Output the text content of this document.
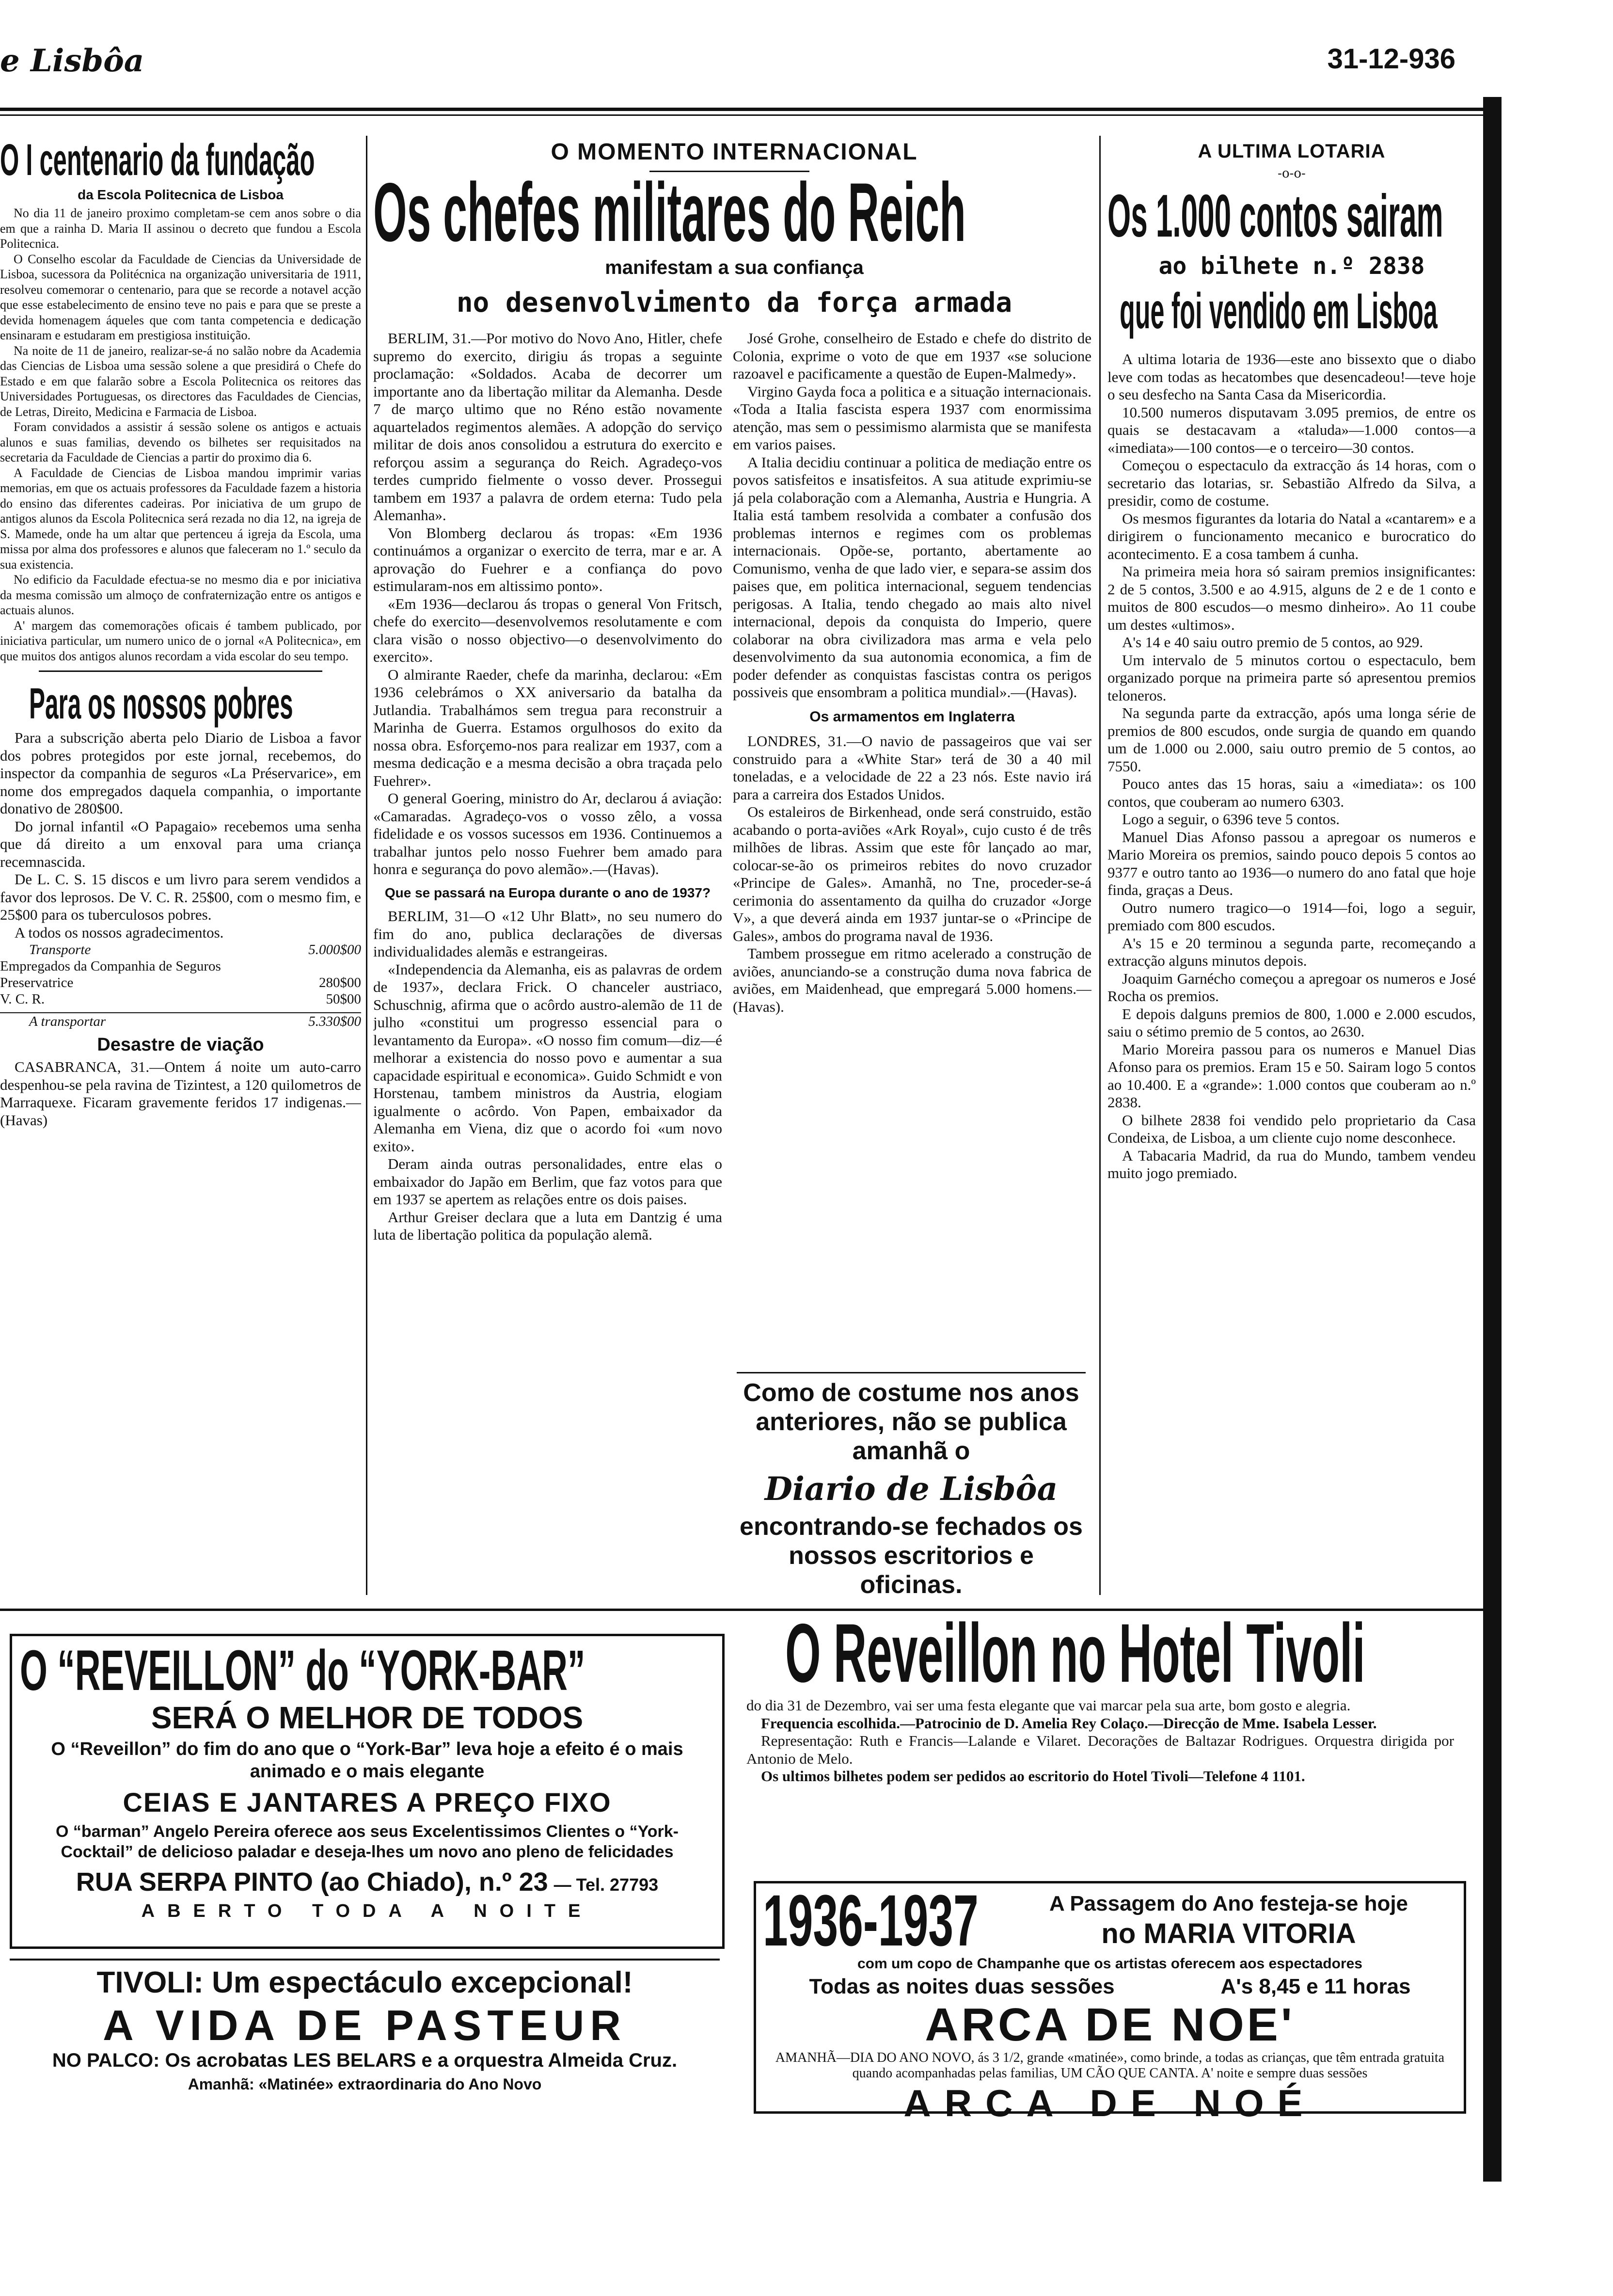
e Lisbôa	31-12-936
O I centenario da fundação
da Escola Politecnica de Lisboa

No dia 11 de janeiro proximo completam-se cem anos sobre o dia em que a rainha D. Maria II assinou o decreto que fundou a Escola Politecnica.

O Conselho escolar da Faculdade de Ciencias da Universidade de Lisboa, sucessora da Politécnica na organização universitaria de 1911, resolveu comemorar o centenario, para que se recorde a notavel acção que esse estabelecimento de ensino teve no pais e para que se preste a devida homenagem áqueles que com tanta competencia e dedicação ensinaram e estudaram em prestigiosa instituição.

Na noite de 11 de janeiro, realizar-se-á no salão nobre da Academia das Ciencias de Lisboa uma sessão solene a que presidirá o Chefe do Estado e em que falarão sobre a Escola Politecnica os reitores das Universidades Portuguesas, os directores das Faculdades de Ciencias, de Letras, Direito, Medicina e Farmacia de Lisboa.

Foram convidados a assistir á sessão solene os antigos e actuais alunos e suas familias, devendo os bilhetes ser requisitados na secretaria da Faculdade de Ciencias a partir do proximo dia 6.

A Faculdade de Ciencias de Lisboa mandou imprimir varias memorias, em que os actuais professores da Faculdade fazem a historia do ensino das diferentes cadeiras. Por iniciativa de um grupo de antigos alunos da Escola Politecnica será rezada no dia 12, na igreja de S. Mamede, onde ha um altar que pertenceu á igreja da Escola, uma missa por alma dos professores e alunos que faleceram no 1.º seculo da sua existencia.

No edificio da Faculdade efectua-se no mesmo dia e por iniciativa da mesma comissão um almoço de confraternização entre os antigos e actuais alunos.

A' margem das comemorações oficais é tambem publicado, por iniciativa particular, um numero unico de o jornal «A Politecnica», em que muitos dos antigos alunos recordam a vida escolar do seu tempo.

Para os nossos pobres

Para a subscrição aberta pelo Diario de Lisboa a favor dos pobres protegidos por este jornal, recebemos, do inspector da companhia de seguros «La Préservarice», em nome dos empregados daquela companhia, o importante donativo de 280$00.

Do jornal infantil «O Papagaio» recebemos uma senha que dá direito a um enxoval para uma criança recemnascida.

De L. C. S. 15 discos e um livro para serem vendidos a favor dos leprosos. De V. C. R. 25$00, com o mesmo fim, e 25$00 para os tuberculosos pobres.

A todos os nossos agradecimentos.

Transporte	5.000$00
Empregados da Companhia de Seguros Preservatrice	280$00
V. C. R.	50$00
A transportar	5.330$00
Desastre de viação

CASABRANCA, 31.—Ontem á noite um auto-carro despenhou-se pela ravina de Tizintest, a 120 quilometros de Marraquexe. Ficaram gravemente feridos 17 indigenas.—(Havas)

O MOMENTO INTERNACIONAL
Os chefes militares do Reich
manifestam a sua confiança
no desenvolvimento da força armada

BERLIM, 31.—Por motivo do Novo Ano, Hitler, chefe supremo do exercito, dirigiu ás tropas a seguinte proclamação: «Soldados. Acaba de decorrer um importante ano da libertação militar da Alemanha. Desde 7 de março ultimo que no Réno estão novamente aquartelados regimentos alemães. A adopção do serviço militar de dois anos consolidou a estrutura do exercito e reforçou assim a segurança do Reich. Agradeço-vos terdes cumprido fielmente o vosso dever. Prossegui tambem em 1937 a palavra de ordem eterna: Tudo pela Alemanha».

Von Blomberg declarou ás tropas: «Em 1936 continuámos a organizar o exercito de terra, mar e ar. A aprovação do Fuehrer e a confiança do povo estimularam-nos em altissimo ponto».

«Em 1936—declarou ás tropas o general Von Fritsch, chefe do exercito—desenvolvemos resolutamente e com clara visão o nosso objectivo—o desenvolvimento do exercito».

O almirante Raeder, chefe da marinha, declarou: «Em 1936 celebrámos o XX aniversario da batalha da Jutlandia. Trabalhámos sem tregua para reconstruir a Marinha de Guerra. Estamos orgulhosos do exito da nossa obra. Esforçemo-nos para realizar em 1937, com a mesma dedicação e a mesma decisão a obra traçada pelo Fuehrer».

O general Goering, ministro do Ar, declarou á aviação: «Camaradas. Agradeço-vos o vosso zêlo, a vossa fidelidade e os vossos sucessos em 1936. Continuemos a trabalhar juntos pelo nosso Fuehrer bem amado para honra e segurança do povo alemão».—(Havas).

Que se passará na Europa durante o ano de 1937?

BERLIM, 31—O «12 Uhr Blatt», no seu numero do fim do ano, publica declarações de diversas individualidades alemãs e estrangeiras.

«Independencia da Alemanha, eis as palavras de ordem de 1937», declara Frick. O chanceler austriaco, Schuschnig, afirma que o acôrdo austro-alemão de 11 de julho «constitui um progresso essencial para o levantamento da Europa». «O nosso fim comum—diz—é melhorar a existencia do nosso povo e aumentar a sua capacidade espiritual e economica». Guido Schmidt e von Horstenau, tambem ministros da Austria, elogiam igualmente o acôrdo. Von Papen, embaixador da Alemanha em Viena, diz que o acordo foi «um novo exito».

Deram ainda outras personalidades, entre elas o embaixador do Japão em Berlim, que faz votos para que em 1937 se apertem as relações entre os dois paises.

Arthur Greiser declara que a luta em Dantzig é uma luta de libertação politica da população alemã.

José Grohe, conselheiro de Estado e chefe do distrito de Colonia, exprime o voto de que em 1937 «se solucione razoavel e pacificamente a questão de Eupen-Malmedy».

Virgino Gayda foca a politica e a situação internacionais. «Toda a Italia fascista espera 1937 com enormissima atenção, mas sem o pessimismo alarmista que se manifesta em varios paises.

A Italia decidiu continuar a politica de mediação entre os povos satisfeitos e insatisfeitos. A sua atitude exprimiu-se já pela colaboração com a Alemanha, Austria e Hungria. A Italia está tambem resolvida a combater a confusão dos problemas internos e regimes com os problemas internacionais. Opõe-se, portanto, abertamente ao Comunismo, venha de que lado vier, e separa-se assim dos paises que, em politica internacional, seguem tendencias perigosas. A Italia, tendo chegado ao mais alto nivel internacional, depois da conquista do Imperio, quere colaborar na obra civilizadora mas arma e vela pelo desenvolvimento da sua autonomia economica, a fim de poder defender as conquistas fascistas contra os perigos possiveis que ensombram a politica mundial».—(Havas).

Os armamentos em Inglaterra

LONDRES, 31.—O navio de passageiros que vai ser construido para a «White Star» terá de 30 a 40 mil toneladas, e a velocidade de 22 a 23 nós. Este navio irá para a carreira dos Estados Unidos.

Os estaleiros de Birkenhead, onde será construido, estão acabando o porta-aviões «Ark Royal», cujo custo é de três milhões de libras. Assim que este fôr lançado ao mar, colocar-se-ão os primeiros rebites do novo cruzador «Principe de Gales». Amanhã, no Tne, proceder-se-á cerimonia do assentamento da quilha do cruzador «Jorge V», a que deverá ainda em 1937 juntar-se o «Principe de Gales», ambos do programa naval de 1936.

Tambem prossegue em ritmo acelerado a construção de aviões, anunciando-se a construção duma nova fabrica de aviões, em Maidenhead, que empregará 5.000 homens.—(Havas).

Como de costume nos anos anteriores, não se publica amanhã o
Diario de Lisbôa
encontrando-se fechados os nossos escritorios e oficinas.
A ULTIMA LOTARIA
-o-o-
Os 1.000 contos sairam
ao bilhete n.º 2838
que foi vendido em Lisboa

A ultima lotaria de 1936—este ano bissexto que o diabo leve com todas as hecatombes que desencadeou!—teve hoje o seu desfecho na Santa Casa da Misericordia.

10.500 numeros disputavam 3.095 premios, de entre os quais se destacavam a «taluda»—1.000 contos—a «imediata»—100 contos—e o terceiro—30 contos.

Começou o espectaculo da extracção ás 14 horas, com o secretario das lotarias, sr. Sebastião Alfredo da Silva, a presidir, como de costume.

Os mesmos figurantes da lotaria do Natal a «cantarem» e a dirigirem o funcionamento mecanico e burocratico do acontecimento. E a cosa tambem á cunha.

Na primeira meia hora só sairam premios insignificantes: 2 de 5 contos, 3.500 e ao 4.915, alguns de 2 e de 1 conto e muitos de 800 escudos—o mesmo dinheiro». Ao 11 coube um destes «ultimos».

A's 14 e 40 saiu outro premio de 5 contos, ao 929.

Um intervalo de 5 minutos cortou o espectaculo, bem organizado porque na primeira parte só apresentou premios teloneros.

Na segunda parte da extracção, após uma longa série de premios de 800 escudos, onde surgia de quando em quando um de 1.000 ou 2.000, saiu outro premio de 5 contos, ao 7550.

Pouco antes das 15 horas, saiu a «imediata»: os 100 contos, que couberam ao numero 6303.

Logo a seguir, o 6396 teve 5 contos.

Manuel Dias Afonso passou a apregoar os numeros e Mario Moreira os premios, saindo pouco depois 5 contos ao 9377 e outro tanto ao 1936—o numero do ano fatal que hoje finda, graças a Deus.

Outro numero tragico—o 1914—foi, logo a seguir, premiado com 800 escudos.

A's 15 e 20 terminou a segunda parte, recomeçando a extracção alguns minutos depois.

Joaquim Garnécho começou a apregoar os numeros e José Rocha os premios.

E depois dalguns premios de 800, 1.000 e 2.000 escudos, saiu o sétimo premio de 5 contos, ao 2630.

Mario Moreira passou para os numeros e Manuel Dias Afonso para os premios. Eram 15 e 50. Sairam logo 5 contos ao 10.400. E a «grande»: 1.000 contos que couberam ao n.º 2838.

O bilhete 2838 foi vendido pelo proprietario da Casa Condeixa, de Lisboa, a um cliente cujo nome desconhece.

A Tabacaria Madrid, da rua do Mundo, tambem vendeu muito jogo premiado.

O “REVEILLON” do “YORK-BAR”
SERÁ O MELHOR DE TODOS
O “Reveillon” do fim do ano que o “York-Bar” leva hoje a efeito é o mais animado e o mais elegante
CEIAS E JANTARES A PREÇO FIXO
O “barman” Angelo Pereira oferece aos seus Excelentissimos Clientes o “York-Cocktail” de delicioso paladar e deseja-lhes um novo ano pleno de felicidades
RUA SERPA PINTO (ao Chiado), n.º 23 — Tel. 27793
ABERTO TODA A NOITE
TIVOLI: Um espectáculo excepcional!
A VIDA DE PASTEUR
NO PALCO: Os acrobatas LES BELARS e a orquestra Almeida Cruz.
Amanhã: «Matinée» extraordinaria do Ano Novo
O Reveillon no Hotel Tivoli

do dia 31 de Dezembro, vai ser uma festa elegante que vai marcar pela sua arte, bom gosto e alegria.

Frequencia escolhida.—Patrocinio de D. Amelia Rey Colaço.—Direcção de Mme. Isabela Lesser.

Representação: Ruth e Francis—Lalande e Vilaret. Decorações de Baltazar Rodrigues. Orquestra dirigida por Antonio de Melo.

Os ultimos bilhetes podem ser pedidos ao escritorio do Hotel Tivoli—Telefone 4 1101.

1936-1937	A Passagem do Ano festeja-se hoje
no MARIA VITORIA
com um copo de Champanhe que os artistas oferecem aos espectadores
Todas as noites duas sessões	A's 8,45 e 11 horas
ARCA DE NOE'
AMANHÃ—DIA DO ANO NOVO, ás 3 1/2, grande «matinée», como brinde, a todas as crianças, que têm entrada gratuita quando acompanhadas pelas familias, UM CÃO QUE CANTA. A' noite e sempre duas sessões
ARCA DE NOÉ
